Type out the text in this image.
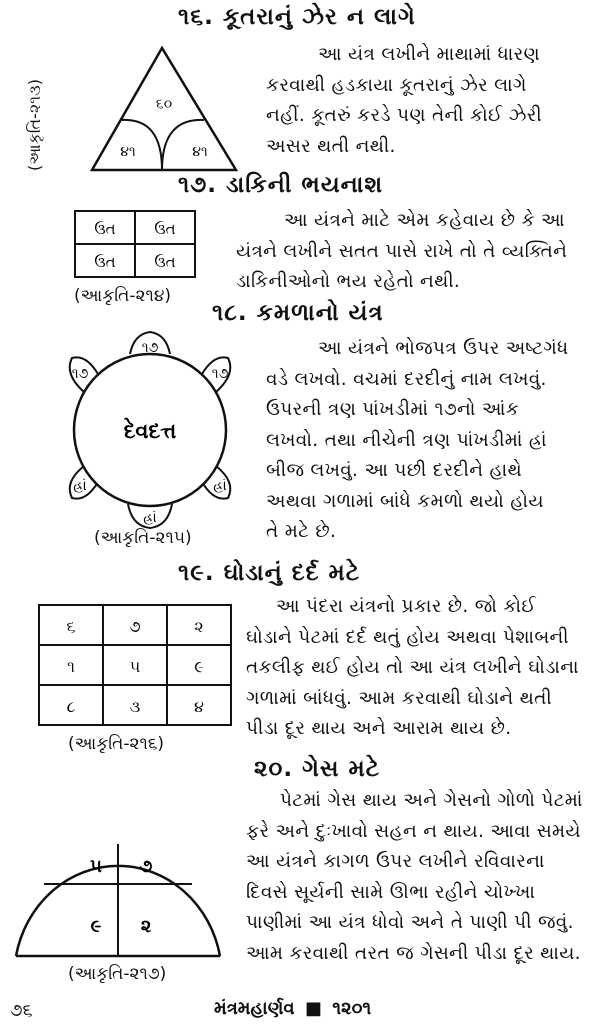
૧૬. કૂતરાનું ઝેર ન લાગે
(આકૃતિ-૨૧૩)	૬૦
૪૧	૪૧
આ યંત્ર લખીને માથામાં ધારણ
કરવાથી હડકાયા કૂતરાનું ઝેર લાગે
નહીં. કૂતરું કરડે પણ તેની કોઈ ઝેરી
અસર થતી નથી.
૧૭. ડાકિની ભયનાશ
ઉત	ઉત
ઉત	ઉત
(આકૃતિ-૨૧૪)
આ યંત્રને માટે એમ કહેવાય છે કે આ
યંત્રને લખીને સતત પાસે રાખે તો તે વ્યક્તિને
ડાકિનીઓનો ભય રહેતો નથી.
૧૮. કમળાનો યંત્ર
૧૭
૧૭	૧૭
હ્રાં	હ્રાં
હ્રાં
દેવદત્ત
(આકૃતિ-૨૧૫)
આ યંત્રને ભોજપત્ર ઉપર અષ્ટગંધ
વડે લખવો. વચમાં દરદીનું નામ લખવું.
ઉપરની ત્રણ પાંખડીમાં ૧૭નો આંક
લખવો. તથા નીચેની ત્રણ પાંખડીમાં હ્રાં
બીજ લખવું. આ પછી દરદીને હાથે
અથવા ગળામાં બાંધે કમળો થયો હોય
તે મટે છે.
૧૯. ઘોડાનું દર્દ મટે
૬	૭	૨
૧	૫	૯
૮	૩	૪
(આકૃતિ-૨૧૬)
આ પંદરા યંત્રનો પ્રકાર છે. જો કોઈ
ઘોડાને પેટમાં દર્દ થતું હોય અથવા પેશાબની
તકલીફ થઈ હોય તો આ યંત્ર લખીને ઘોડાના
ગળામાં બાંધવું. આમ કરવાથી ઘોડાને થતી
પીડા દૂર થાય અને આરામ થાય છે.
૨૦. ગેસ મટે
૫ ૭
૯ ૨
(આકૃતિ-૨૧૭)
પેટમાં ગેસ થાય અને ગેસનો ગોળો પેટમાં
ફરે અને દુઃખાવો સહન ન થાય. આવા સમયે
આ યંત્રને કાગળ ઉપર લખીને રવિવારના
દિવસે સૂર્યની સામે ઊભા રહીને ચોખ્ખા
પાણીમાં આ યંત્ર ધોવો અને તે પાણી પી જવું.
આમ કરવાથી તરત જ ગેસની પીડા દૂર થાય.
૭૬	મંત્રમહાર્ણવ ■ ૧૨૦૧
